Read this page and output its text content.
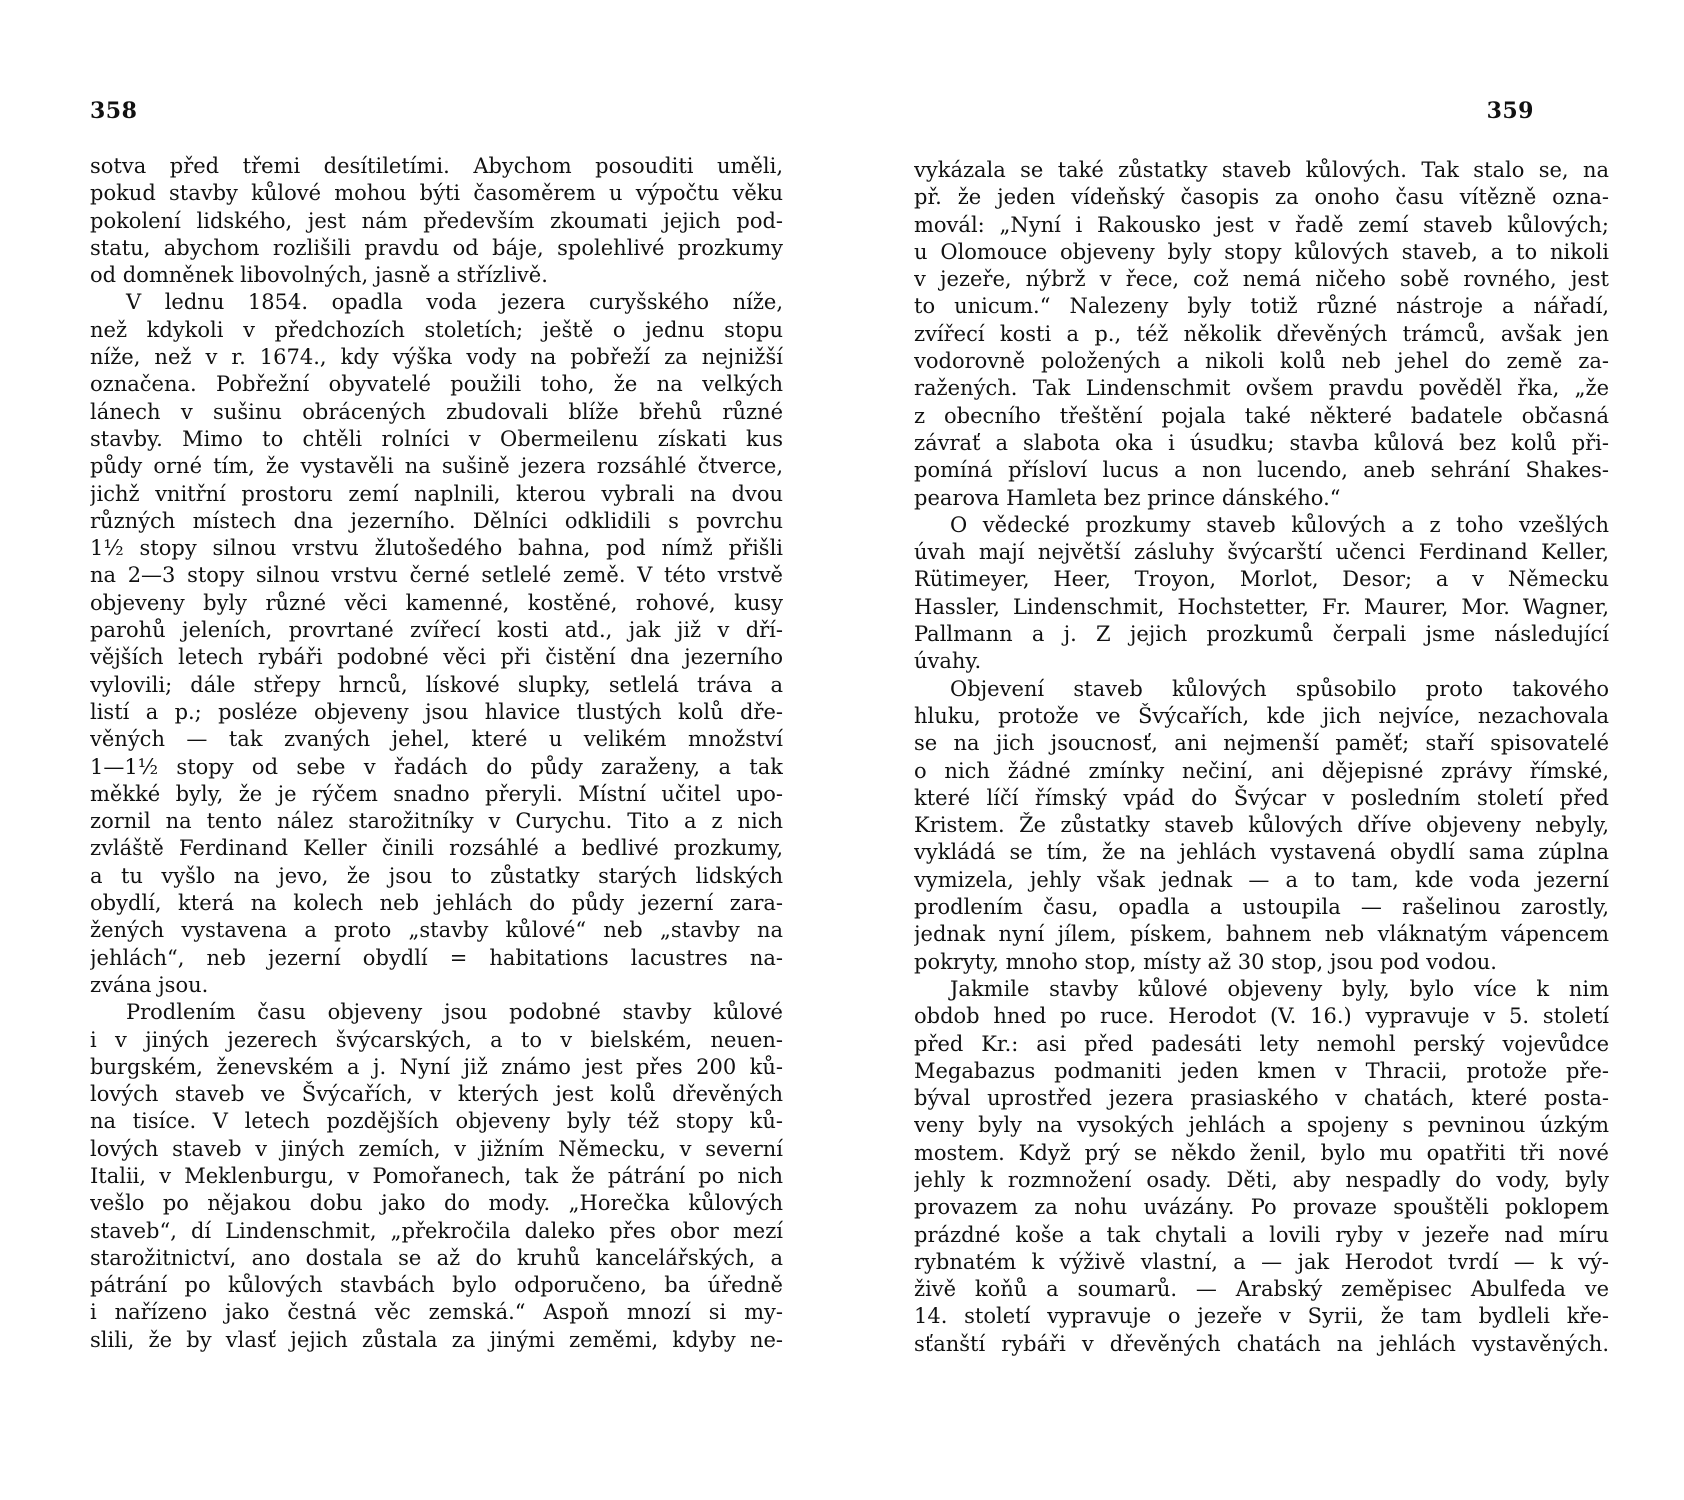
358
sotva před třemi desítiletími. Abychom posouditi uměli,
pokud stavby kůlové mohou býti časoměrem u výpočtu věku
pokolení lidského, jest nám především zkoumati jejich pod-
statu, abychom rozlišili pravdu od báje, spolehlivé prozkumy
od domněnek libovolných, jasně a střízlivě.
V lednu 1854. opadla voda jezera curyšského níže,
než kdykoli v předchozích stoletích; ještě o jednu stopu
níže, než v r. 1674., kdy výška vody na pobřeží za nejnižší
označena. Pobřežní obyvatelé použili toho, že na velkých
lánech v sušinu obrácených zbudovali blíže břehů různé
stavby. Mimo to chtěli rolníci v Obermeilenu získati kus
půdy orné tím, že vystavěli na sušině jezera rozsáhlé čtverce,
jichž vnitřní prostoru zemí naplnili, kterou vybrali na dvou
různých místech dna jezerního. Dělníci odklidili s povrchu
1½ stopy silnou vrstvu žlutošedého bahna, pod nímž přišli
na 2—3 stopy silnou vrstvu černé setlelé země. V této vrstvě
objeveny byly různé věci kamenné, kostěné, rohové, kusy
parohů jeleních, provrtané zvířecí kosti atd., jak již v dří-
vějších letech rybáři podobné věci při čistění dna jezerního
vylovili; dále střepy hrnců, lískové slupky, setlelá tráva a
listí a p.; posléze objeveny jsou hlavice tlustých kolů dře-
věných — tak zvaných jehel, které u velikém množství
1—1½ stopy od sebe v řadách do půdy zaraženy, a tak
měkké byly, že je rýčem snadno přeryli. Místní učitel upo-
zornil na tento nález starožitníky v Curychu. Tito a z nich
zvláště Ferdinand Keller činili rozsáhlé a bedlivé prozkumy,
a tu vyšlo na jevo, že jsou to zůstatky starých lidských
obydlí, která na kolech neb jehlách do půdy jezerní zara-
žených vystavena a proto „stavby kůlové“ neb „stavby na
jehlách“, neb jezerní obydlí = habitations lacustres na-
zvána jsou.
Prodlením času objeveny jsou podobné stavby kůlové
i v jiných jezerech švýcarských, a to v bielském, neuen-
burgském, ženevském a j. Nyní již známo jest přes 200 ků-
lových staveb ve Švýcařích, v kterých jest kolů dřevěných
na tisíce. V letech pozdějších objeveny byly též stopy ků-
lových staveb v jiných zemích, v jižním Německu, v severní
Italii, v Meklenburgu, v Pomořanech, tak že pátrání po nich
vešlo po nějakou dobu jako do mody. „Horečka kůlových
staveb“, dí Lindenschmit, „překročila daleko přes obor mezí
starožitnictví, ano dostala se až do kruhů kancelářských, a
pátrání po kůlových stavbách bylo odporučeno, ba úředně
i nařízeno jako čestná věc zemská.“ Aspoň mnozí si my-
slili, že by vlasť jejich zůstala za jinými zeměmi, kdyby ne-
359
vykázala se také zůstatky staveb kůlových. Tak stalo se, na
př. že jeden vídeňský časopis za onoho času vítězně ozna-
movál: „Nyní i Rakousko jest v řadě zemí staveb kůlových;
u Olomouce objeveny byly stopy kůlových staveb, a to nikoli
v jezeře, nýbrž v řece, což nemá ničeho sobě rovného, jest
to unicum.“ Nalezeny byly totiž různé nástroje a nářadí,
zvířecí kosti a p., též několik dřevěných trámců, avšak jen
vodorovně položených a nikoli kolů neb jehel do země za-
ražených. Tak Lindenschmit ovšem pravdu pověděl řka, „že
z obecního třeštění pojala také některé badatele občasná
závrať a slabota oka i úsudku; stavba kůlová bez kolů při-
pomíná přísloví lucus a non lucendo, aneb sehrání Shakes-
pearova Hamleta bez prince dánského.“
O vědecké prozkumy staveb kůlových a z toho vzešlých
úvah mají největší zásluhy švýcarští učenci Ferdinand Keller,
Rütimeyer, Heer, Troyon, Morlot, Desor; a v Německu
Hassler, Lindenschmit, Hochstetter, Fr. Maurer, Mor. Wagner,
Pallmann a j. Z jejich prozkumů čerpali jsme následující
úvahy.
Objevení staveb kůlových spůsobilo proto takového
hluku, protože ve Švýcařích, kde jich nejvíce, nezachovala
se na jich jsoucnosť, ani nejmenší paměť; staří spisovatelé
o nich žádné zmínky nečiní, ani dějepisné zprávy římské,
které líčí římský vpád do Švýcar v posledním století před
Kristem. Že zůstatky staveb kůlových dříve objeveny nebyly,
vykládá se tím, že na jehlách vystavená obydlí sama zúplna
vymizela, jehly však jednak — a to tam, kde voda jezerní
prodlením času, opadla a ustoupila — rašelinou zarostly,
jednak nyní jílem, pískem, bahnem neb vláknatým vápencem
pokryty, mnoho stop, místy až 30 stop, jsou pod vodou.
Jakmile stavby kůlové objeveny byly, bylo více k nim
obdob hned po ruce. Herodot (V. 16.) vypravuje v 5. století
před Kr.: asi před padesáti lety nemohl perský vojevůdce
Megabazus podmaniti jeden kmen v Thracii, protože pře-
býval uprostřed jezera prasiaského v chatách, které posta-
veny byly na vysokých jehlách a spojeny s pevninou úzkým
mostem. Když prý se někdo ženil, bylo mu opatřiti tři nové
jehly k rozmnožení osady. Děti, aby nespadly do vody, byly
provazem za nohu uvázány. Po provaze spouštěli poklopem
prázdné koše a tak chytali a lovili ryby v jezeře nad míru
rybnatém k výživě vlastní, a — jak Herodot tvrdí — k vý-
živě koňů a soumarů. — Arabský zeměpisec Abulfeda ve
14. století vypravuje o jezeře v Syrii, že tam bydleli kře-
sťanští rybáři v dřevěných chatách na jehlách vystavěných.
